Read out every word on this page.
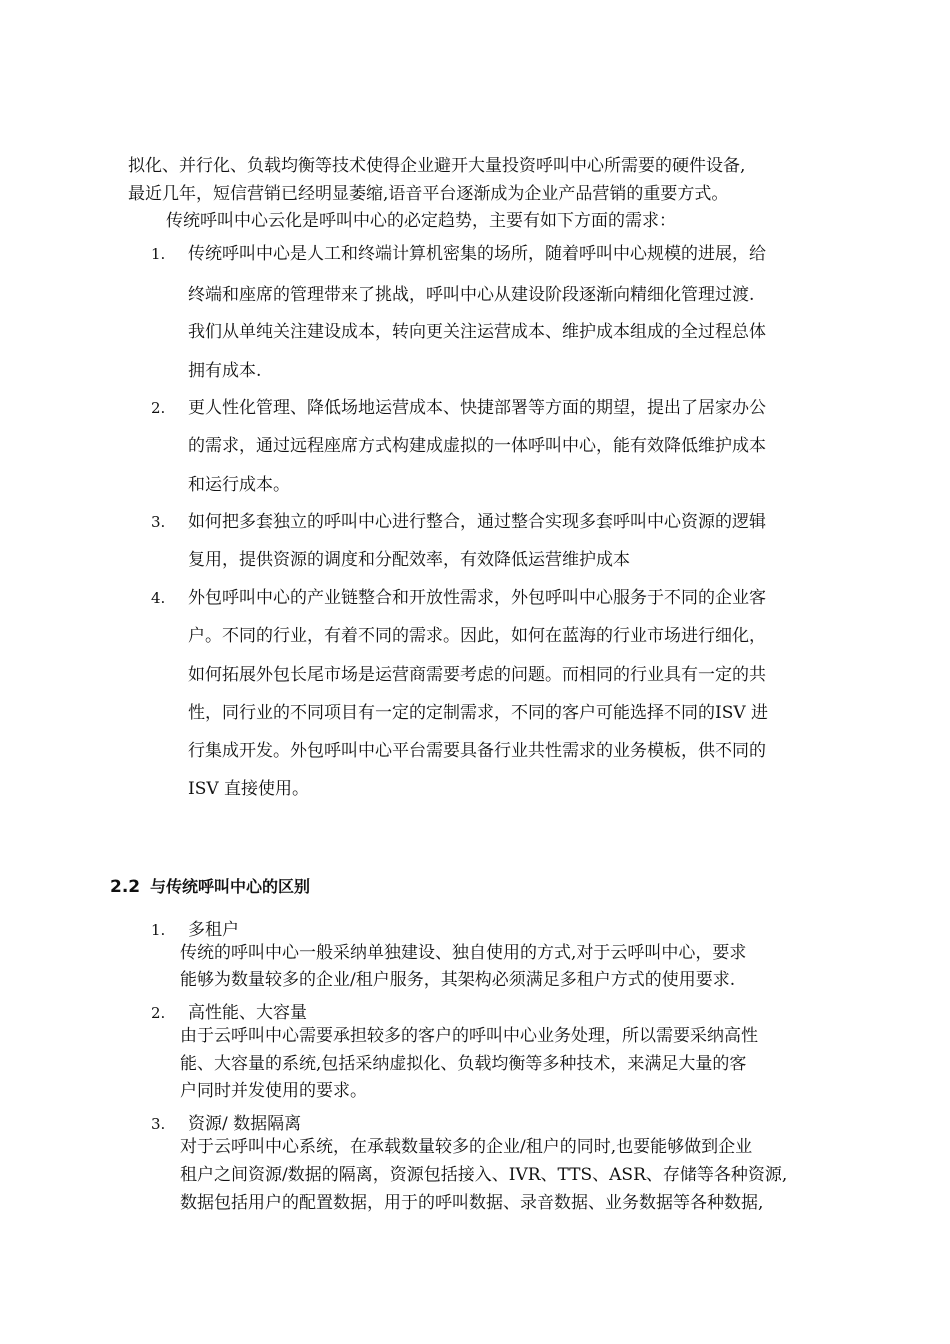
拟化、并行化、负载均衡等技术使得企业避开大量投资呼叫中心所需要的硬件设备,
最近几年，短信营销已经明显萎缩,语音平台逐渐成为企业产品营销的重要方式。
传统呼叫中心云化是呼叫中心的必定趋势，主要有如下方面的需求：
1. 传统呼叫中心是人工和终端计算机密集的场所，随着呼叫中心规模的进展，给
终端和座席的管理带来了挑战，呼叫中心从建设阶段逐渐向精细化管理过渡.
我们从单纯关注建设成本，转向更关注运营成本、维护成本组成的全过程总体
拥有成本.
2. 更人性化管理、降低场地运营成本、快捷部署等方面的期望，提出了居家办公
的需求，通过远程座席方式构建成虚拟的一体呼叫中心，能有效降低维护成本
和运行成本。
3. 如何把多套独立的呼叫中心进行整合，通过整合实现多套呼叫中心资源的逻辑
复用，提供资源的调度和分配效率，有效降低运营维护成本
4. 外包呼叫中心的产业链整合和开放性需求，外包呼叫中心服务于不同的企业客
户。不同的行业，有着不同的需求。因此，如何在蓝海的行业市场进行细化，
如何拓展外包长尾市场是运营商需要考虑的问题。而相同的行业具有一定的共
性，同行业的不同项目有一定的定制需求，不同的客户可能选择不同的ISV 进
行集成开发。外包呼叫中心平台需要具备行业共性需求的业务模板，供不同的
ISV 直接使用。
2.2 与传统呼叫中心的区别
1. 多租户
传统的呼叫中心一般采纳单独建设、独自使用的方式,对于云呼叫中心，要求
能够为数量较多的企业/租户服务，其架构必须满足多租户方式的使用要求.
2. 高性能、大容量
由于云呼叫中心需要承担较多的客户的呼叫中心业务处理，所以需要采纳高性
能、大容量的系统,包括采纳虚拟化、负载均衡等多种技术，来满足大量的客
户同时并发使用的要求。
3. 资源/ 数据隔离
对于云呼叫中心系统，在承载数量较多的企业/租户的同时,也要能够做到企业
租户之间资源/数据的隔离，资源包括接入、IVR、TTS、ASR、存储等各种资源,
数据包括用户的配置数据，用于的呼叫数据、录音数据、业务数据等各种数据,
